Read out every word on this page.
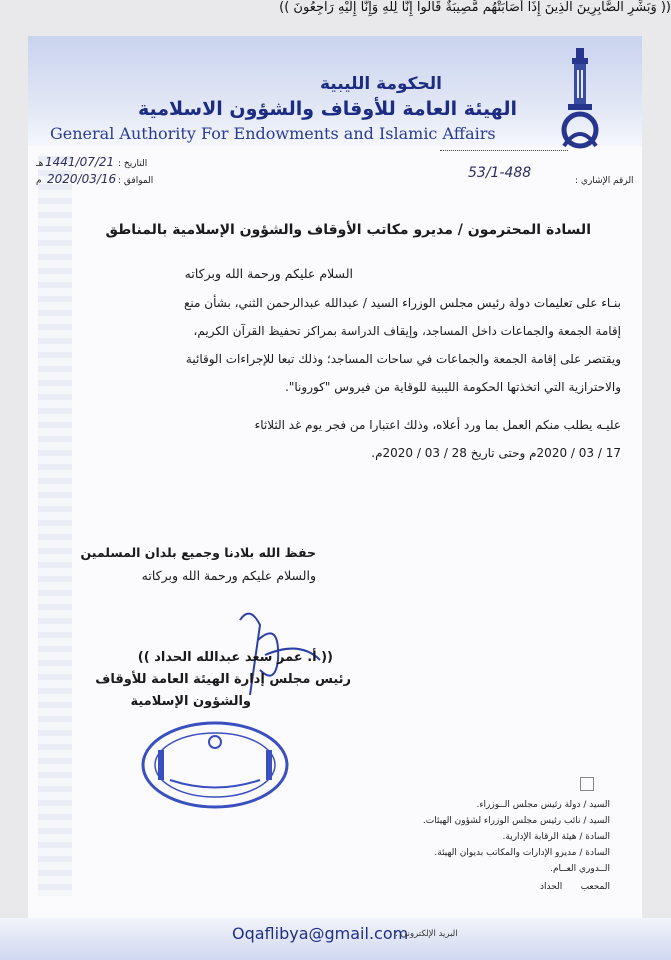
الحكومة الليبية
الهيئة العامة للأوقاف والشؤون الاسلامية
General Authority For Endowments and Islamic Affairs
التاريخ :
1441/07/21
هـ
الموافق :
2020/03/16
م	الرقم الإشاري :
53/1-488
السادة المحترمون / مديرو مكاتب الأوقاف والشؤون الإسلامية بالمناطق
السلام عليكم ورحمة الله وبركاته
بنـاء على تعليمات دولة رئيس مجلس الوزراء السيد / عبدالله عبدالرحمن الثني، بشأن منع
إقامة الجمعة والجماعات داخل المساجد، وإيقاف الدراسة بمراكز تحفيظ القرآن الكريم،
ويقتصر على إقامة الجمعة والجماعات في ساحات المساجد؛ وذلك تبعا للإجراءات الوقائية
والاحترازية التي اتخذتها الحكومة الليبية للوقاية من فيروس "كورونا".
عليـه يطلب منكم العمل بما ورد أعلاه، وذلك اعتبارا من فجر يوم غد الثلاثاء
17 / 03 / 2020م وحتى تاريخ 28 / 03 / 2020م.
(( وَبَشِّرِ الصَّابِرِينَ الَّذِينَ إِذَا أَصَابَتْهُم مُّصِيبَةٌ قَالُوا إِنَّا لِلَّهِ وَإِنَّا إِلَيْهِ رَاجِعُونَ ))
حفظ الله بلادنا وجميع بلدان المسلمين
والسلام عليكم ورحمة الله وبركاته
(( أ. عمر سعد عبدالله الحداد ))
رئيس مجلس إدارة الهيئة العامة للأوقاف
والشؤون الإسلامية
السيد / دولة رئيس مجلس الــوزراء.
السيد / نائب رئيس مجلس الوزراء لشؤون الهيئات.
السادة / هيئة الرقابة الإدارية.
السادة / مديرو الإدارات والمكاتب بديوان الهيئة.
الــدوري العــام.
المحعب
الحداد
Oqaflibya@gmail.com
البريد الإلكتروني :
